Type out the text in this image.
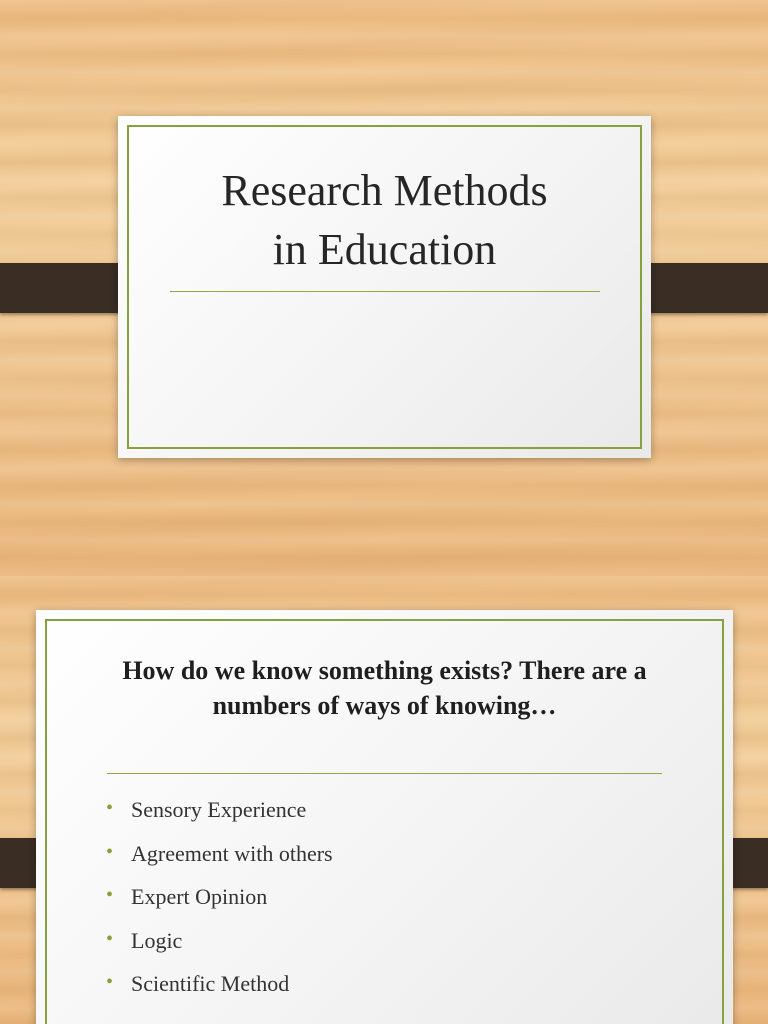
Research Methods
in Education
How do we know something exists? There are a numbers of ways of knowing…
• Sensory Experience
• Agreement with others
• Expert Opinion
• Logic
• Scientific Method
